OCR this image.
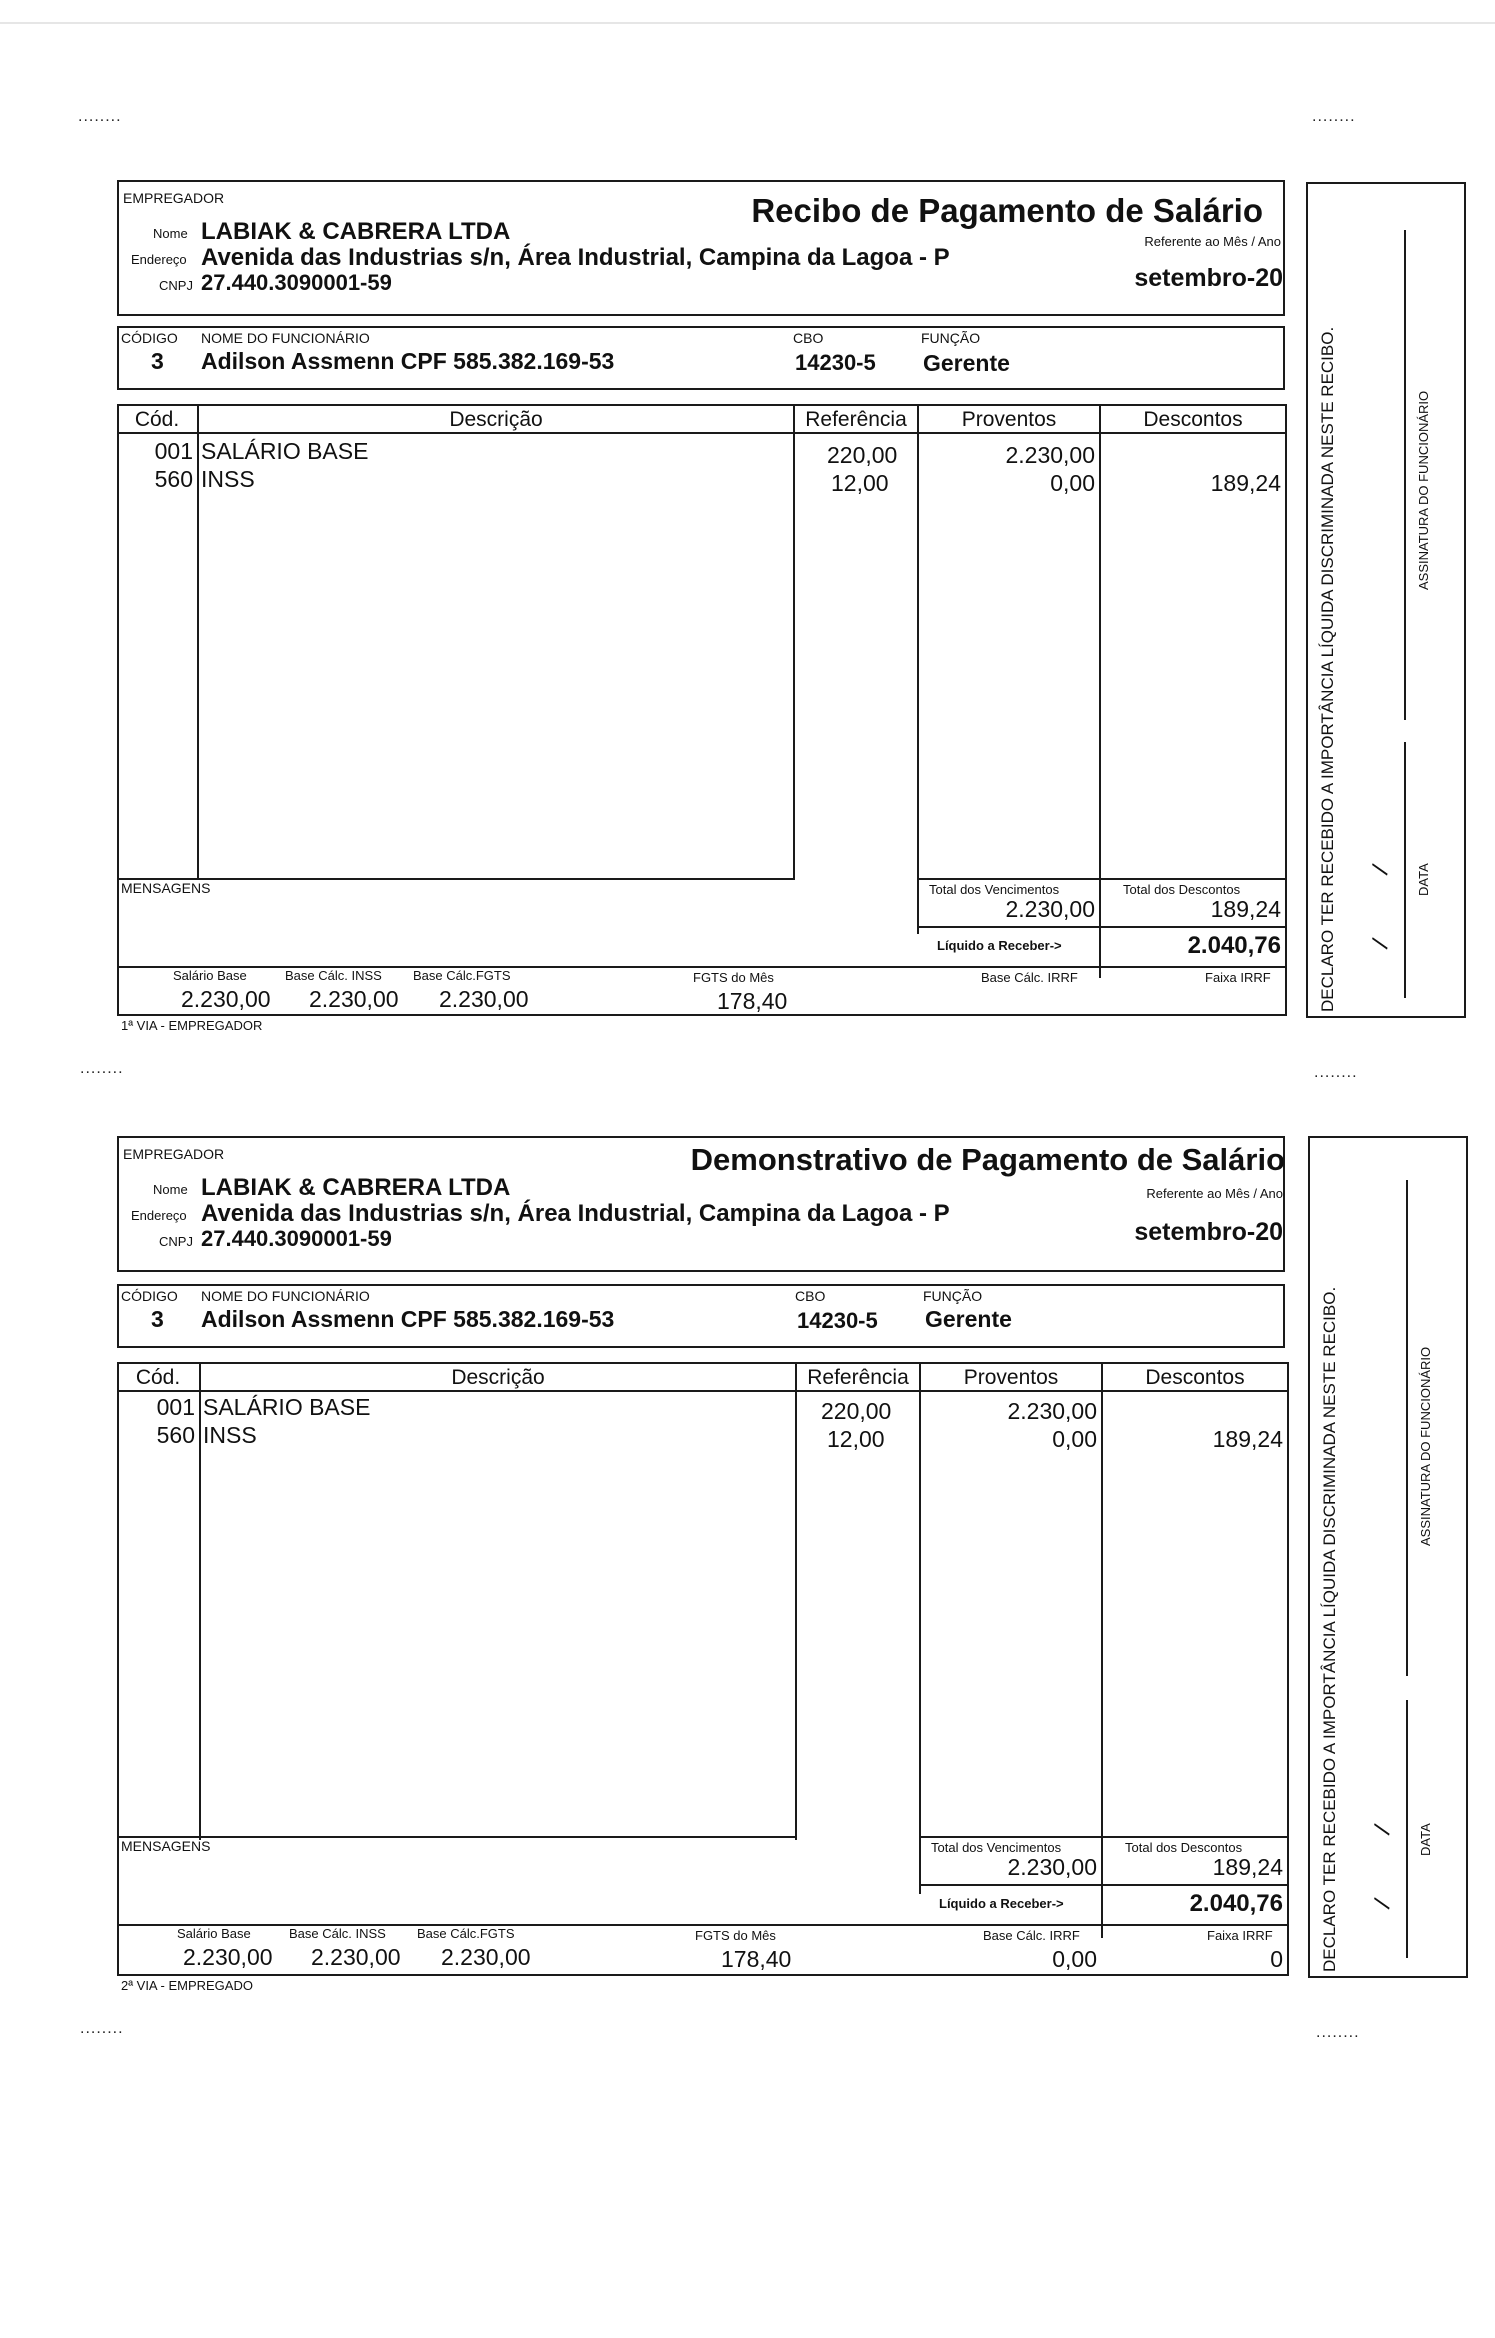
........	........
........	........
........	........
EMPREGADOR	Recibo de Pagamento de Salário
Nome LABIAK & CABRERA LTDA
Endereço Avenida das Industrias s/n, Área Industrial, Campina da Lagoa - P
CNPJ 27.440.3090001-59
Referente ao Mês / Ano
setembro-20
CÓDIGO NOME DO FUNCIONÁRIO	CBO	FUNÇÃO
3 Adilson Assmenn CPF 585.382.169-53	14230-5 Gerente
Cód.	Descrição	Referência	Proventos	Descontos
001 SALÁRIO BASE	220,00	2.230,00
560 INSS	12,00	0,00	189,24
MENSAGENS	Total dos Vencimentos
2.230,00
Total dos Descontos
189,24
Líquido a Receber->	2.040,76
Salário Base
2.230,00
Base Cálc. INSS
2.230,00
Base Cálc.FGTS
2.230,00
FGTS do Mês
178,40
Base Cálc. IRRF	Faixa IRRF
1ª VIA - EMPREGADOR
DECLARO TER RECEBIDO A IMPORTÂNCIA LÍQUIDA DISCRIMINADA NESTE RECIBO.	ASSINATURA DO FUNCIONÁRIO
DATA
/
/
EMPREGADOR	Demonstrativo de Pagamento de Salário
Nome LABIAK & CABRERA LTDA
Endereço Avenida das Industrias s/n, Área Industrial, Campina da Lagoa - P
CNPJ 27.440.3090001-59
Referente ao Mês / Ano
setembro-20
CÓDIGO NOME DO FUNCIONÁRIO	CBO	FUNÇÃO
3 Adilson Assmenn CPF 585.382.169-53	14230-5 Gerente
Cód.	Descrição	Referência	Proventos	Descontos
001 SALÁRIO BASE	220,00	2.230,00
560 INSS	12,00	0,00	189,24
MENSAGENS	Total dos Vencimentos
2.230,00
Total dos Descontos
189,24
Líquido a Receber->	2.040,76
Salário Base
2.230,00
Base Cálc. INSS
2.230,00
Base Cálc.FGTS
2.230,00
FGTS do Mês
178,40
Base Cálc. IRRF
0,00
Faixa IRRF
0
2ª VIA - EMPREGADO
DECLARO TER RECEBIDO A IMPORTÂNCIA LÍQUIDA DISCRIMINADA NESTE RECIBO.	ASSINATURA DO FUNCIONÁRIO
DATA
/
/
